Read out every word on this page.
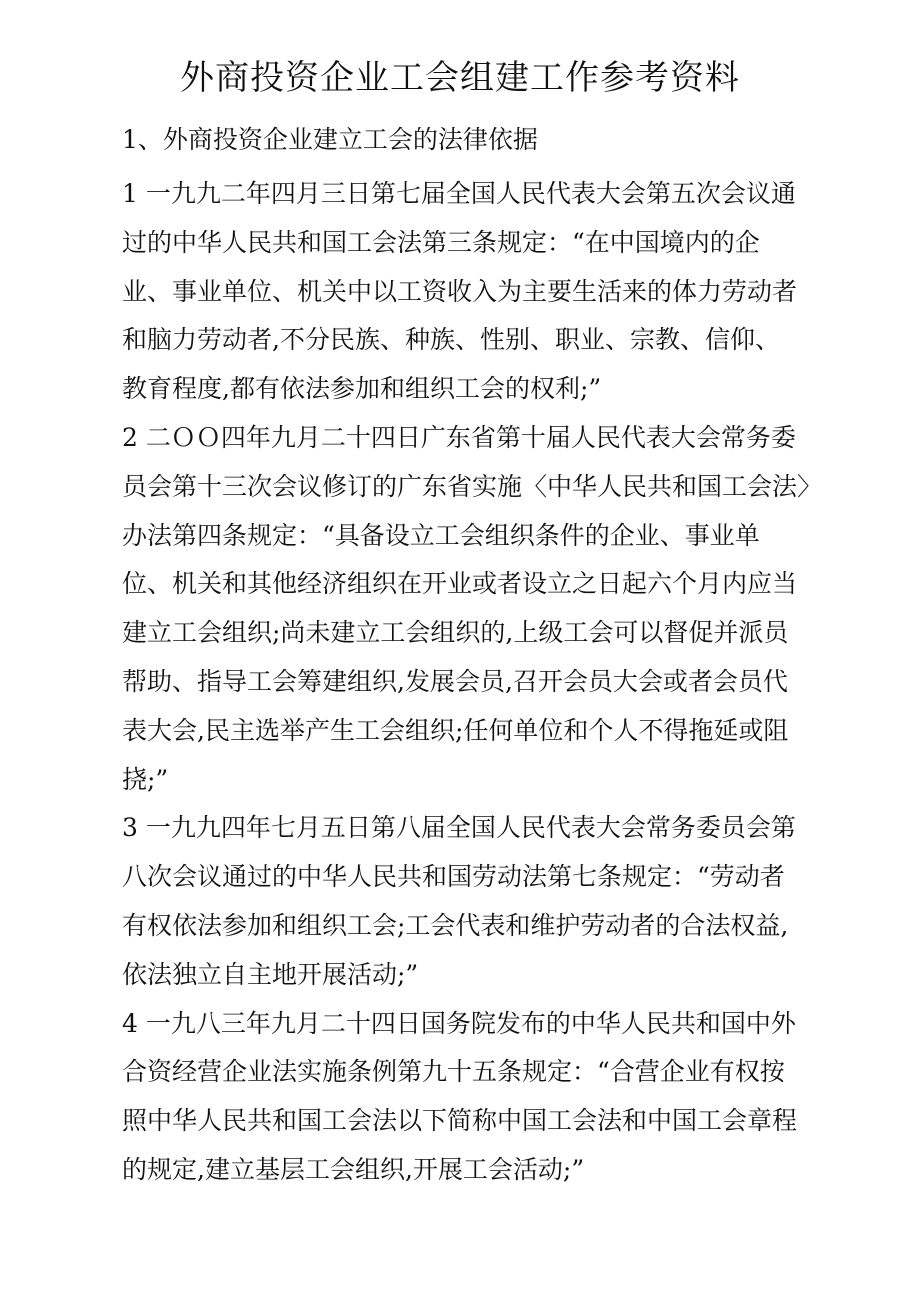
外商投资企业工会组建工作参考资料
1、外商投资企业建立工会的法律依据
1 一九九二年四月三日第七届全国人民代表大会第五次会议通
过的中华人民共和国工会法第三条规定：“在中国境内的企
业、事业单位、机关中以工资收入为主要生活来的体力劳动者
和脑力劳动者,不分民族、种族、性别、职业、宗教、信仰、
教育程度,都有依法参加和组织工会的权利;”
2 二ＯＯ四年九月二十四日广东省第十届人民代表大会常务委
员会第十三次会议修订的广东省实施〈中华人民共和国工会法〉
办法第四条规定：“具备设立工会组织条件的企业、事业单
位、机关和其他经济组织在开业或者设立之日起六个月内应当
建立工会组织;尚未建立工会组织的,上级工会可以督促并派员
帮助、指导工会筹建组织,发展会员,召开会员大会或者会员代
表大会,民主选举产生工会组织;任何单位和个人不得拖延或阻
挠;”
3 一九九四年七月五日第八届全国人民代表大会常务委员会第
八次会议通过的中华人民共和国劳动法第七条规定：“劳动者
有权依法参加和组织工会;工会代表和维护劳动者的合法权益,
依法独立自主地开展活动;”
4 一九八三年九月二十四日国务院发布的中华人民共和国中外
合资经营企业法实施条例第九十五条规定：“合营企业有权按
照中华人民共和国工会法以下简称中国工会法和中国工会章程
的规定,建立基层工会组织,开展工会活动;”
